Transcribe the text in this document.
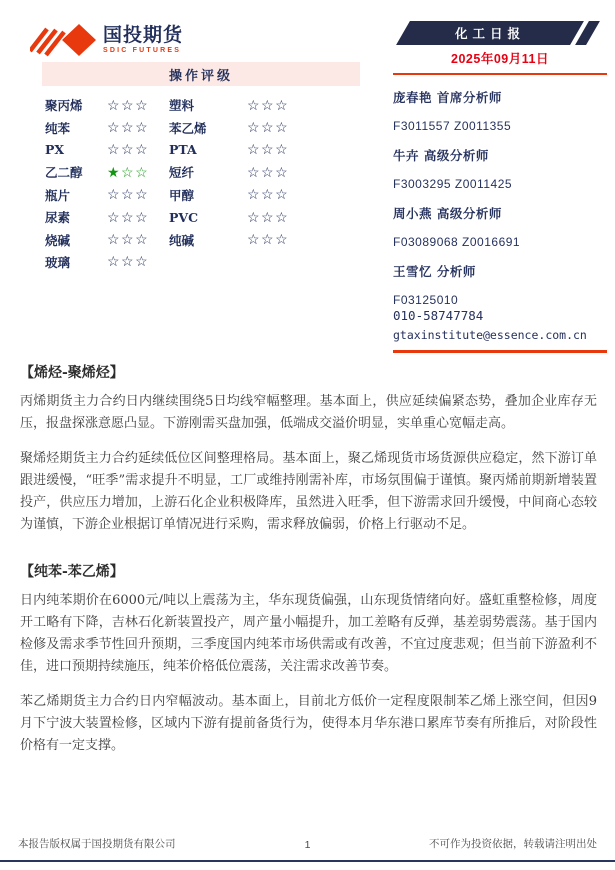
国投期货
SDIC FUTURES
化工日报
2025年09月11日
操作评级
聚丙烯	☆☆☆	塑料	☆☆☆
纯苯	☆☆☆	苯乙烯	☆☆☆
PX	☆☆☆	PTA	☆☆☆
乙二醇	★☆☆	短纤	☆☆☆
瓶片	☆☆☆	甲醇	☆☆☆
尿素	☆☆☆	PVC	☆☆☆
烧碱	☆☆☆	纯碱	☆☆☆
玻璃	☆☆☆
庞春艳 首席分析师
F3011557 Z0011355
牛卉 高级分析师
F3003295 Z0011425
周小燕 高级分析师
F03089068 Z0016691
王雪忆 分析师
F03125010
010-58747784
gtaxinstitute@essence.com.cn
【烯烃-聚烯烃】

丙烯期货主力合约日内继续围绕5日均线窄幅整理。基本面上，供应延续偏紧态势，叠加企业库存无压，报盘探涨意愿凸显。下游刚需买盘加强，低端成交溢价明显，实单重心宽幅走高。

聚烯烃期货主力合约延续低位区间整理格局。基本面上，聚乙烯现货市场货源供应稳定，然下游订单跟进缓慢，“旺季”需求提升不明显，工厂或维持刚需补库，市场氛围偏于谨慎。聚丙烯前期新增装置投产，供应压力增加，上游石化企业积极降库，虽然进入旺季，但下游需求回升缓慢，中间商心态较为谨慎，下游企业根据订单情况进行采购，需求释放偏弱，价格上行驱动不足。

【纯苯-苯乙烯】

日内纯苯期价在6000元/吨以上震荡为主，华东现货偏强，山东现货情绪向好。盛虹重整检修，周度开工略有下降，吉林石化新装置投产，周产量小幅提升，加工差略有反弹，基差弱势震荡。基于国内检修及需求季节性回升预期，三季度国内纯苯市场供需或有改善，不宜过度悲观；但当前下游盈利不佳，进口预期持续施压，纯苯价格低位震荡，关注需求改善节奏。

苯乙烯期货主力合约日内窄幅波动。基本面上，目前北方低价一定程度限制苯乙烯上涨空间，但因9月下宁波大装置检修，区域内下游有提前备货行为，使得本月华东港口累库节奏有所推后，对阶段性价格有一定支撑。

本报告版权属于国投期货有限公司	1	不可作为投资依据，转载请注明出处
